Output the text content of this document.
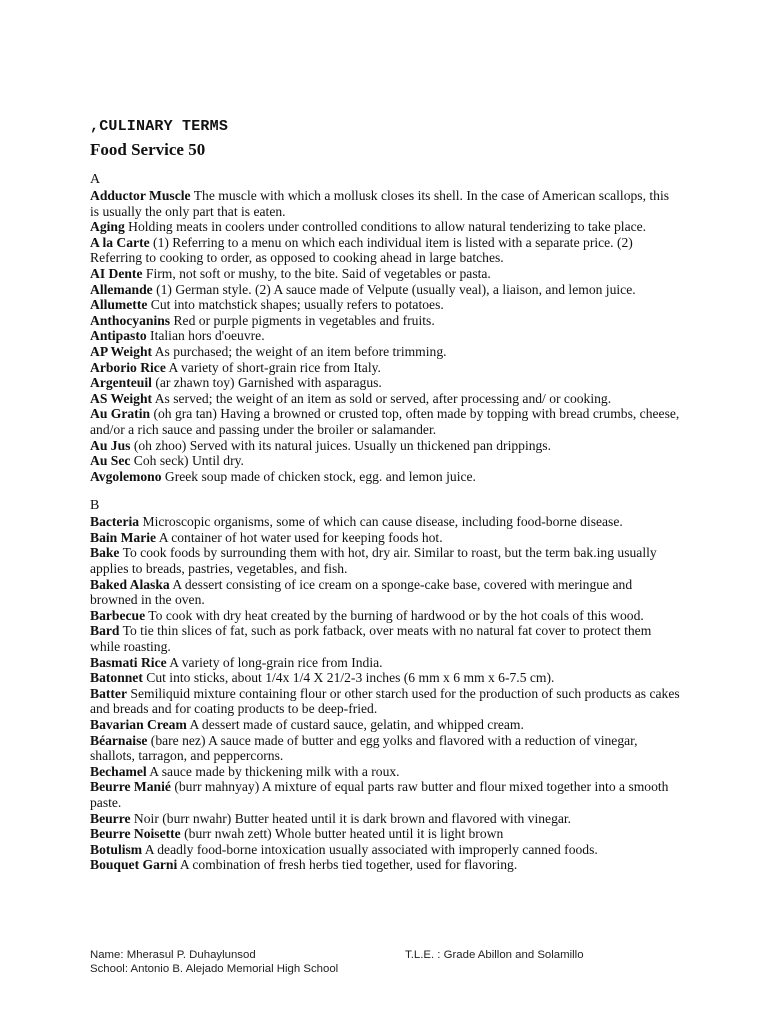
,CULINARY TERMS
Food Service 50
A
Adductor Muscle The muscle with which a mollusk closes its shell. In the case of American scallops, this is usually the only part that is eaten.
Aging Holding meats in coolers under controlled conditions to allow natural tenderizing to take place.
A la Carte (1) Referring to a menu on which each individual item is listed with a separate price. (2) Referring to cooking to order, as opposed to cooking ahead in large batches.
AI Dente Firm, not soft or mushy, to the bite. Said of vegetables or pasta.
Allemande (1) German style. (2) A sauce made of Velpute (usually veal), a liaison, and lemon juice.
Allumette Cut into matchstick shapes; usually refers to potatoes.
Anthocyanins Red or purple pigments in vegetables and fruits.
Antipasto Italian hors d'oeuvre.
AP Weight As purchased; the weight of an item before trimming.
Arborio Rice A variety of short-grain rice from Italy.
Argenteuil (ar zhawn toy) Garnished with asparagus.
AS Weight As served; the weight of an item as sold or served, after processing and/ or cooking.
Au Gratin (oh gra tan) Having a browned or crusted top, often made by topping with bread crumbs, cheese, and/or a rich sauce and passing under the broiler or salamander.
Au Jus (oh zhoo) Served with its natural juices. Usually un thickened pan drippings.
Au Sec Coh seck) Until dry.
Avgolemono Greek soup made of chicken stock, egg. and lemon juice.
B
Bacteria Microscopic organisms, some of which can cause disease, including food-borne disease.
Bain Marie A container of hot water used for keeping foods hot.
Bake To cook foods by surrounding them with hot, dry air. Similar to roast, but the term bak.ing usually applies to breads, pastries, vegetables, and fish.
Baked Alaska A dessert consisting of ice cream on a sponge-cake base, covered with meringue and browned in the oven.
Barbecue To cook with dry heat created by the burning of hardwood or by the hot coals of this wood.
Bard To tie thin slices of fat, such as pork fatback, over meats with no natural fat cover to protect them while roasting.
Basmati Rice A variety of long-grain rice from India.
Batonnet Cut into sticks, about 1/4x 1/4 X 21/2-3 inches (6 mm x 6 mm x 6-7.5 cm).
Batter Semiliquid mixture containing flour or other starch used for the production of such products as cakes and breads and for coating products to be deep-fried.
Bavarian Cream A dessert made of custard sauce, gelatin, and whipped cream.
Béarnaise (bare nez) A sauce made of butter and egg yolks and flavored with a reduction of vinegar, shallots, tarragon, and peppercorns.
Bechamel A sauce made by thickening milk with a roux.
Beurre Manié (burr mahnyay) A mixture of equal parts raw butter and flour mixed together into a smooth paste.
Beurre Noir (burr nwahr) Butter heated until it is dark brown and flavored with vinegar.
Beurre Noisette (burr nwah zett) Whole butter heated until it is light brown
Botulism A deadly food-borne intoxication usually associated with improperly canned foods.
Bouquet Garni A combination of fresh herbs tied together, used for flavoring.
Name: Mherasul P. Duhaylunsod	T.L.E. : Grade Abillon and Solamillo
School: Antonio B. Alejado Memorial High School
